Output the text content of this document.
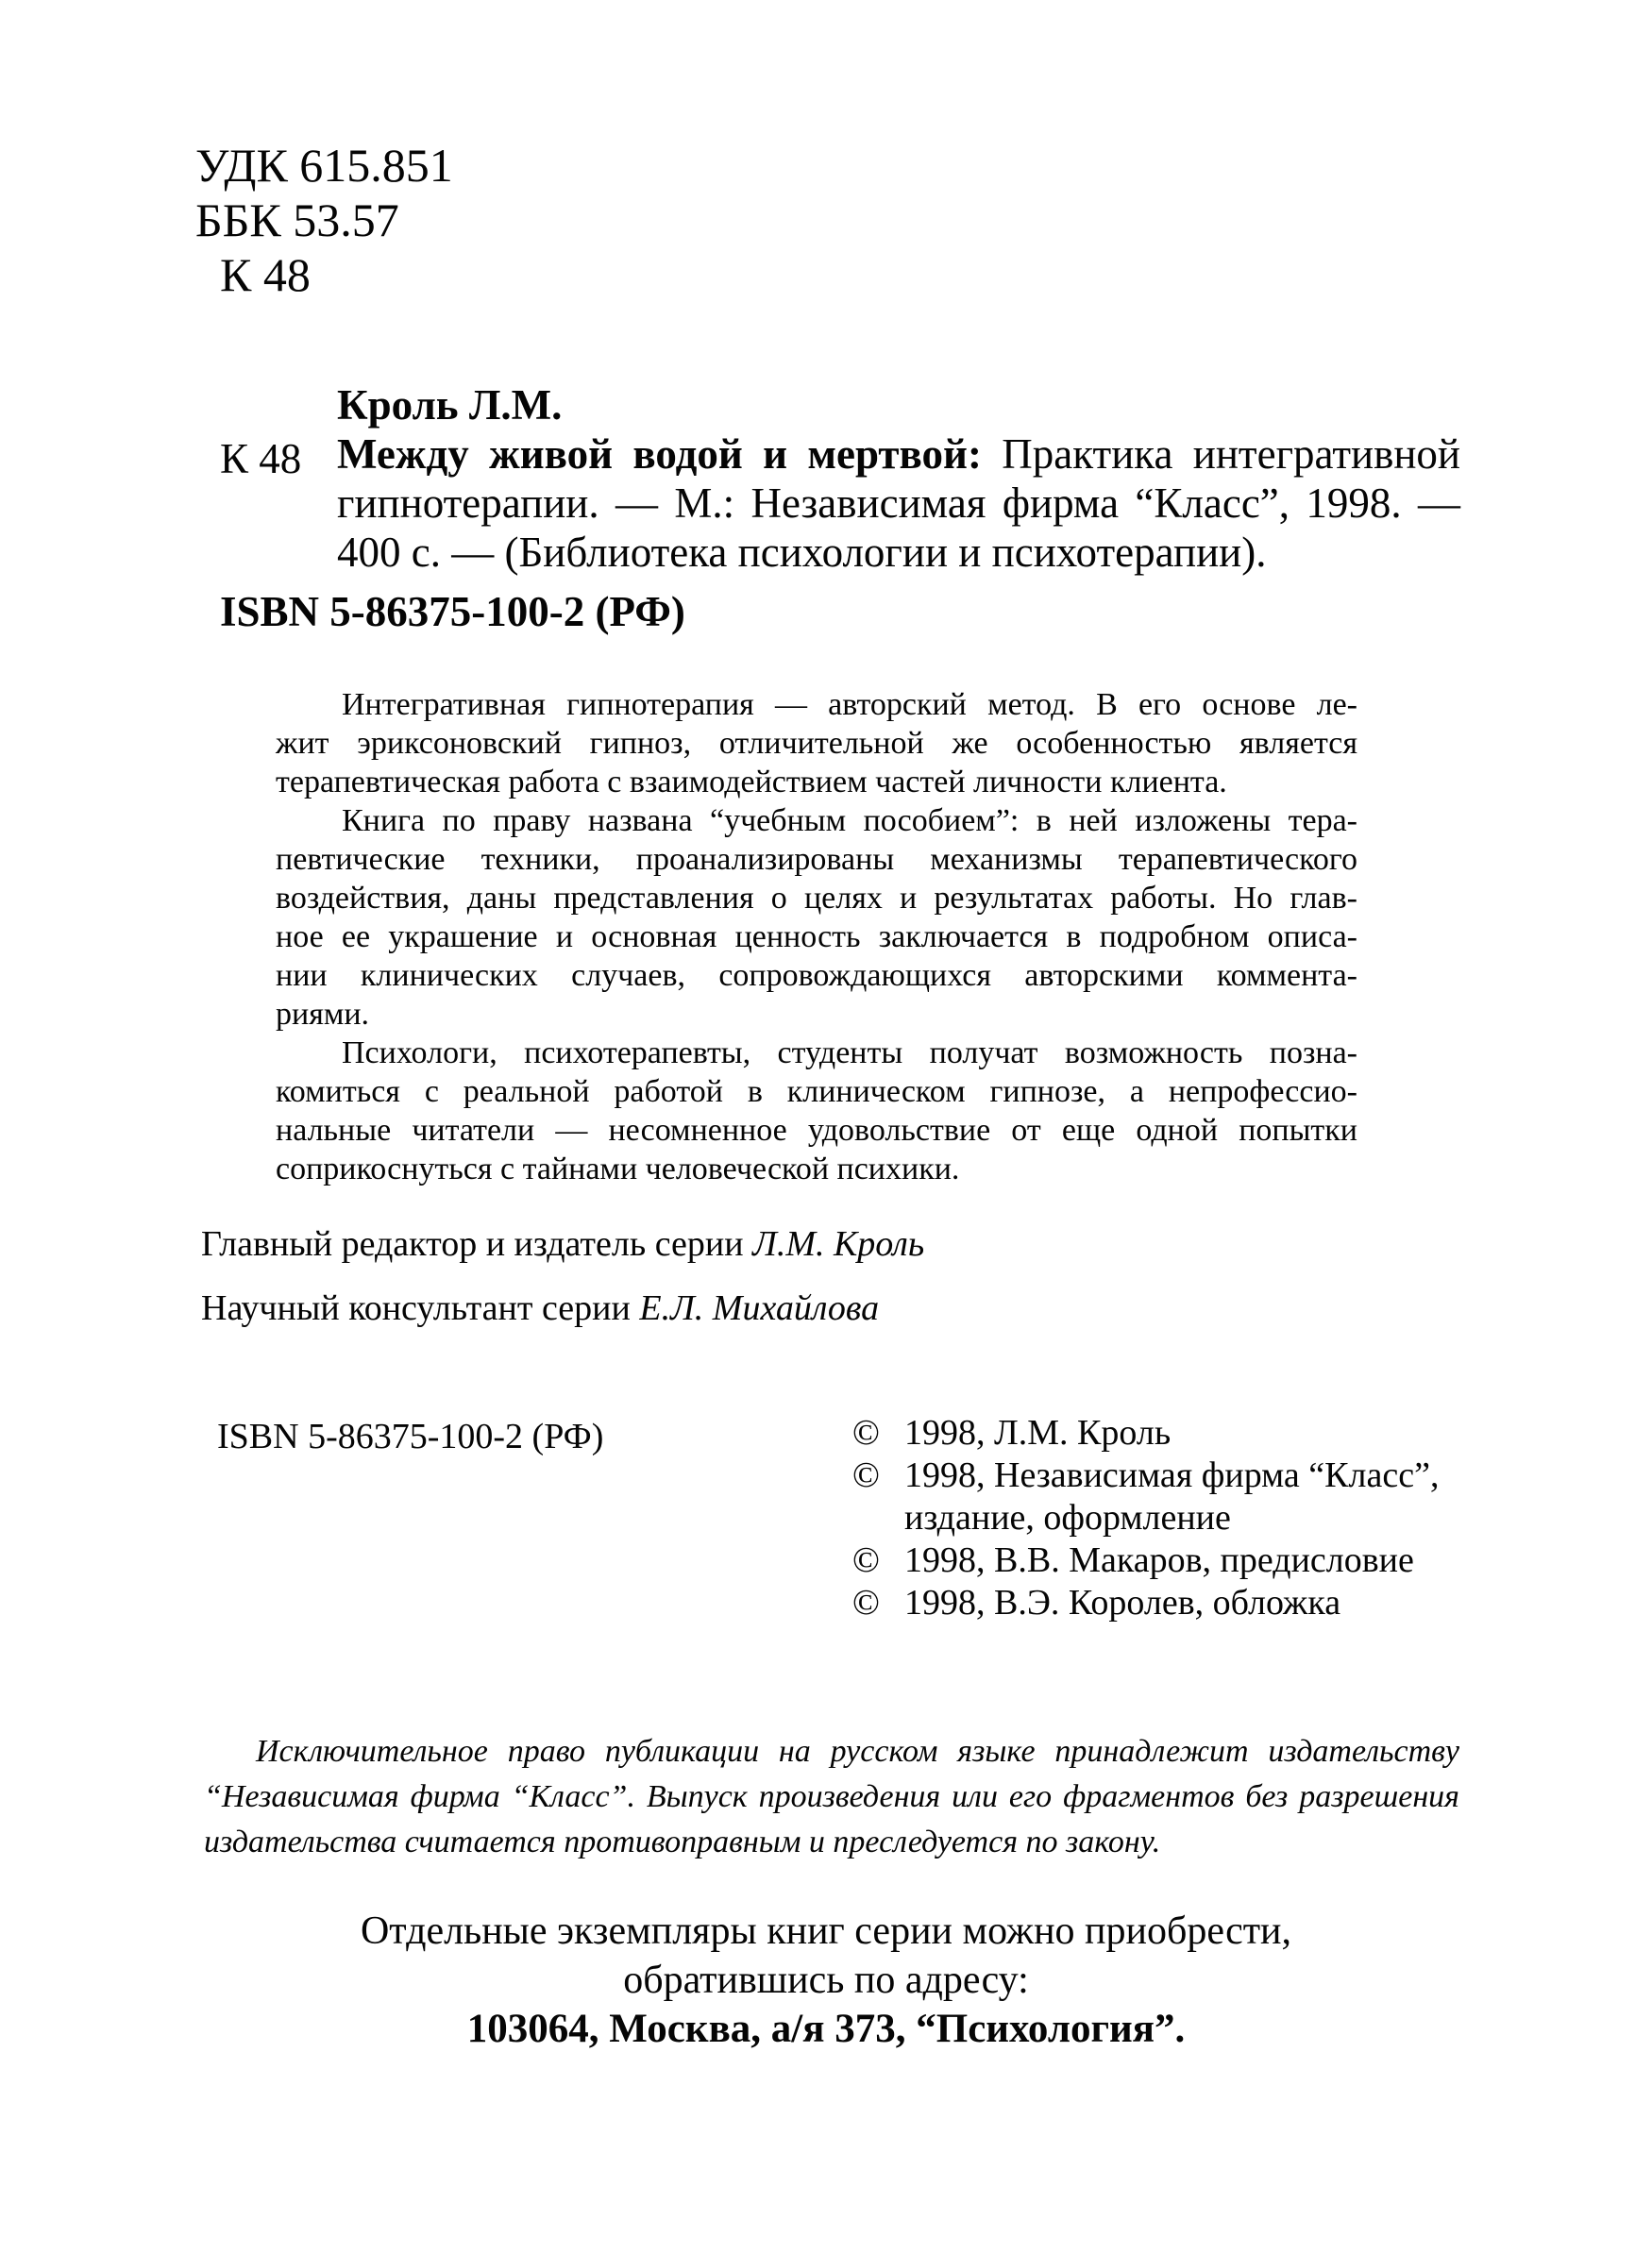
УДК 615.851
ББК 53.57
К 48
Кроль Л.М.
К 48 Между живой водой и мертвой: Практика интегративной
гипнотерапии. — М.: Независимая фирма “Класс”, 1998. —
400 с. — (Библиотека психологии и психотерапии).
ISBN 5-86375-100-2 (РФ)
Интегративная гипнотерапия — авторский метод. В его основе ле-
жит эриксоновский гипноз, отличительной же особенностью является
терапевтическая работа с взаимодействием частей личности клиента.
Книга по праву названа “учебным пособием”: в ней изложены тера-
певтические техники, проанализированы механизмы терапевтического
воздействия, даны представления о целях и результатах работы. Но глав-
ное ее украшение и основная ценность заключается в подробном описа-
нии клинических случаев, сопровождающихся авторскими коммента-
риями.
Психологи, психотерапевты, студенты получат возможность позна-
комиться с реальной работой в клиническом гипнозе, а непрофессио-
нальные читатели — несомненное удовольствие от еще одной попытки
соприкоснуться с тайнами человеческой психики.
Главный редактор и издатель серии Л.М. Кроль
Научный консультант серии Е.Л. Михайлова
ISBN 5-86375-100-2 (РФ)	© 1998, Л.М. Кроль
© 1998, Независимая фирма “Класс”, издание, оформление
© 1998, В.В. Макаров, предисловие
© 1998, В.Э. Королев, обложка
Исключительное право публикации на русском языке принадлежит издательству
“Независимая фирма “Класс”. Выпуск произведения или его фрагментов без разрешения
издательства считается противоправным и преследуется по закону.
Отдельные экземпляры книг серии можно приобрести,
обратившись по адресу:
103064, Москва, а/я 373, “Психология”.
